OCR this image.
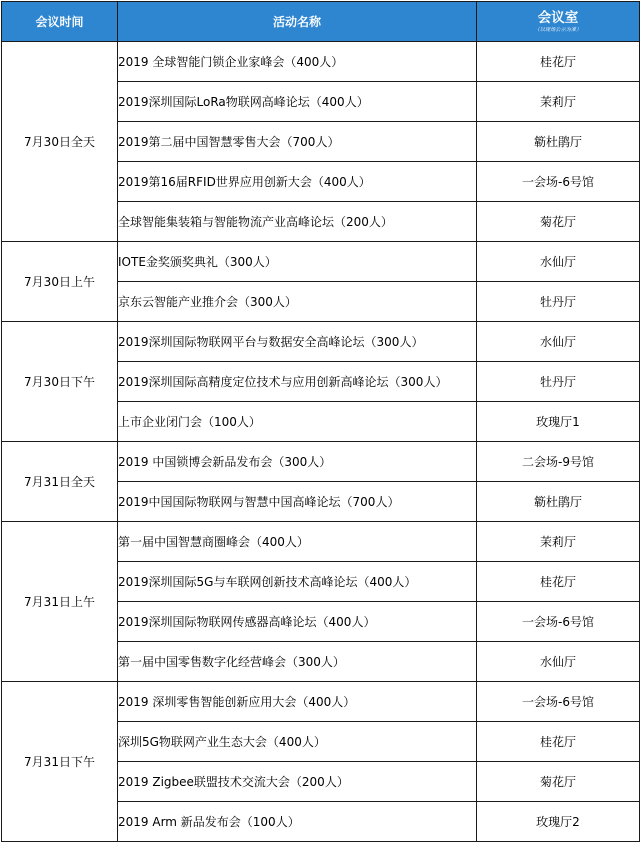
会议时间	活动名称	会议室
（以现场公示为准）

7月30日全天	2019 全球智能门锁企业家峰会（400人）	桂花厅
	2019深圳国际LoRa物联网高峰论坛（400人）	茉莉厅
	2019第二届中国智慧零售大会（700人）	簕杜鹃厅
	2019第16届RFID世界应用创新大会（400人）	一会场-6号馆
	全球智能集装箱与智能物流产业高峰论坛（200人）	菊花厅
7月30日上午	IOTE金奖颁奖典礼（300人）	水仙厅
	京东云智能产业推介会（300人）	牡丹厅
7月30日下午	2019深圳国际物联网平台与数据安全高峰论坛（300人）	水仙厅
	2019深圳国际高精度定位技术与应用创新高峰论坛（300人）	牡丹厅
	上市企业闭门会（100人）	玫瑰厅1
7月31日全天	2019 中国锁博会新品发布会（300人）	二会场-9号馆
	2019中国国际物联网与智慧中国高峰论坛（700人）	簕杜鹃厅
7月31日上午	第一届中国智慧商圈峰会（400人）	茉莉厅
	2019深圳国际5G与车联网创新技术高峰论坛（400人）	桂花厅
	2019深圳国际物联网传感器高峰论坛（400人）	一会场-6号馆
	第一届中国零售数字化经营峰会（300人）	水仙厅
7月31日下午	2019 深圳零售智能创新应用大会（400人）	一会场-6号馆
	深圳5G物联网产业生态大会（400人）	桂花厅
	2019 Zigbee联盟技术交流大会（200人）	菊花厅
	2019 Arm 新品发布会（100人）	玫瑰厅2
